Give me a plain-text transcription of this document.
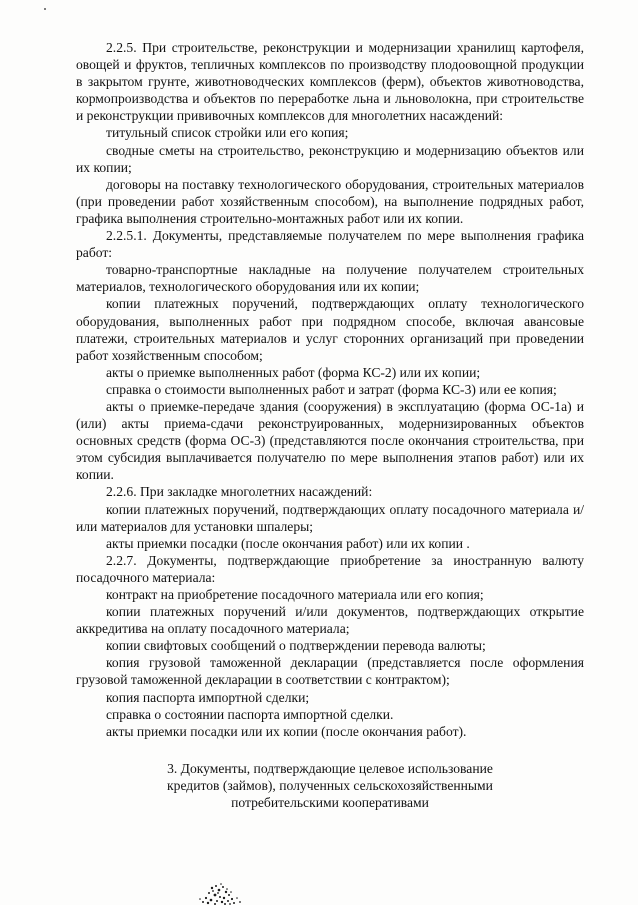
2.2.5. При строительстве, реконструкции и модернизации хранилищ картофеля, овощей и фруктов, тепличных комплексов по производству плодоовощной продукции в закрытом грунте, животноводческих комплексов (ферм), объектов животноводства, кормопроизводства и объектов по переработке льна и льноволокна, при строительстве и реконструкции прививочных комплексов для многолетних насаждений:

титульный список стройки или его копия;

сводные сметы на строительство, реконструкцию и модернизацию объектов или их копии;

договоры на поставку технологического оборудования, строительных материалов (при проведении работ хозяйственным способом), на выполнение подрядных работ, графика выполнения строительно-монтажных работ или их копии.

2.2.5.1. Документы, представляемые получателем по мере выполнения графика работ:

товарно-транспортные накладные на получение получателем строительных материалов, технологического оборудования или их копии;

копии платежных поручений, подтверждающих оплату технологического оборудования, выполненных работ при подрядном способе, включая авансовые платежи, строительных материалов и услуг сторонних организаций при проведении работ хозяйственным способом;

акты о приемке выполненных работ (форма КС-2) или их копии;

справка о стоимости выполненных работ и затрат (форма КС-3) или ее копия;

акты о приемке-передаче здания (сооружения) в эксплуатацию (форма ОС-1а) и (или) акты приема-сдачи реконструированных, модернизированных объектов основных средств (форма ОС-3) (представляются после окончания строительства, при этом субсидия выплачивается получателю по мере выполнения этапов работ) или их копии.

2.2.6. При закладке многолетних насаждений:

копии платежных поручений, подтверждающих оплату посадочного материала и/или материалов для установки шпалеры;

акты приемки посадки (после окончания работ) или их копии .

2.2.7. Документы, подтверждающие приобретение за иностранную валюту посадочного материала:

контракт на приобретение посадочного материала или его копия;

копии платежных поручений и/или документов, подтверждающих открытие аккредитива на оплату посадочного материала;

копии свифтовых сообщений о подтверждении перевода валюты;

копия грузовой таможенной декларации (представляется после оформления грузовой таможенной декларации в соответствии с контрактом);

копия паспорта импортной сделки;

справка о состоянии паспорта импортной сделки.

акты приемки посадки или их копии (после окончания работ).

3. Документы, подтверждающие целевое использование
кредитов (займов), полученных сельскохозяйственными
потребительскими кооперативами
